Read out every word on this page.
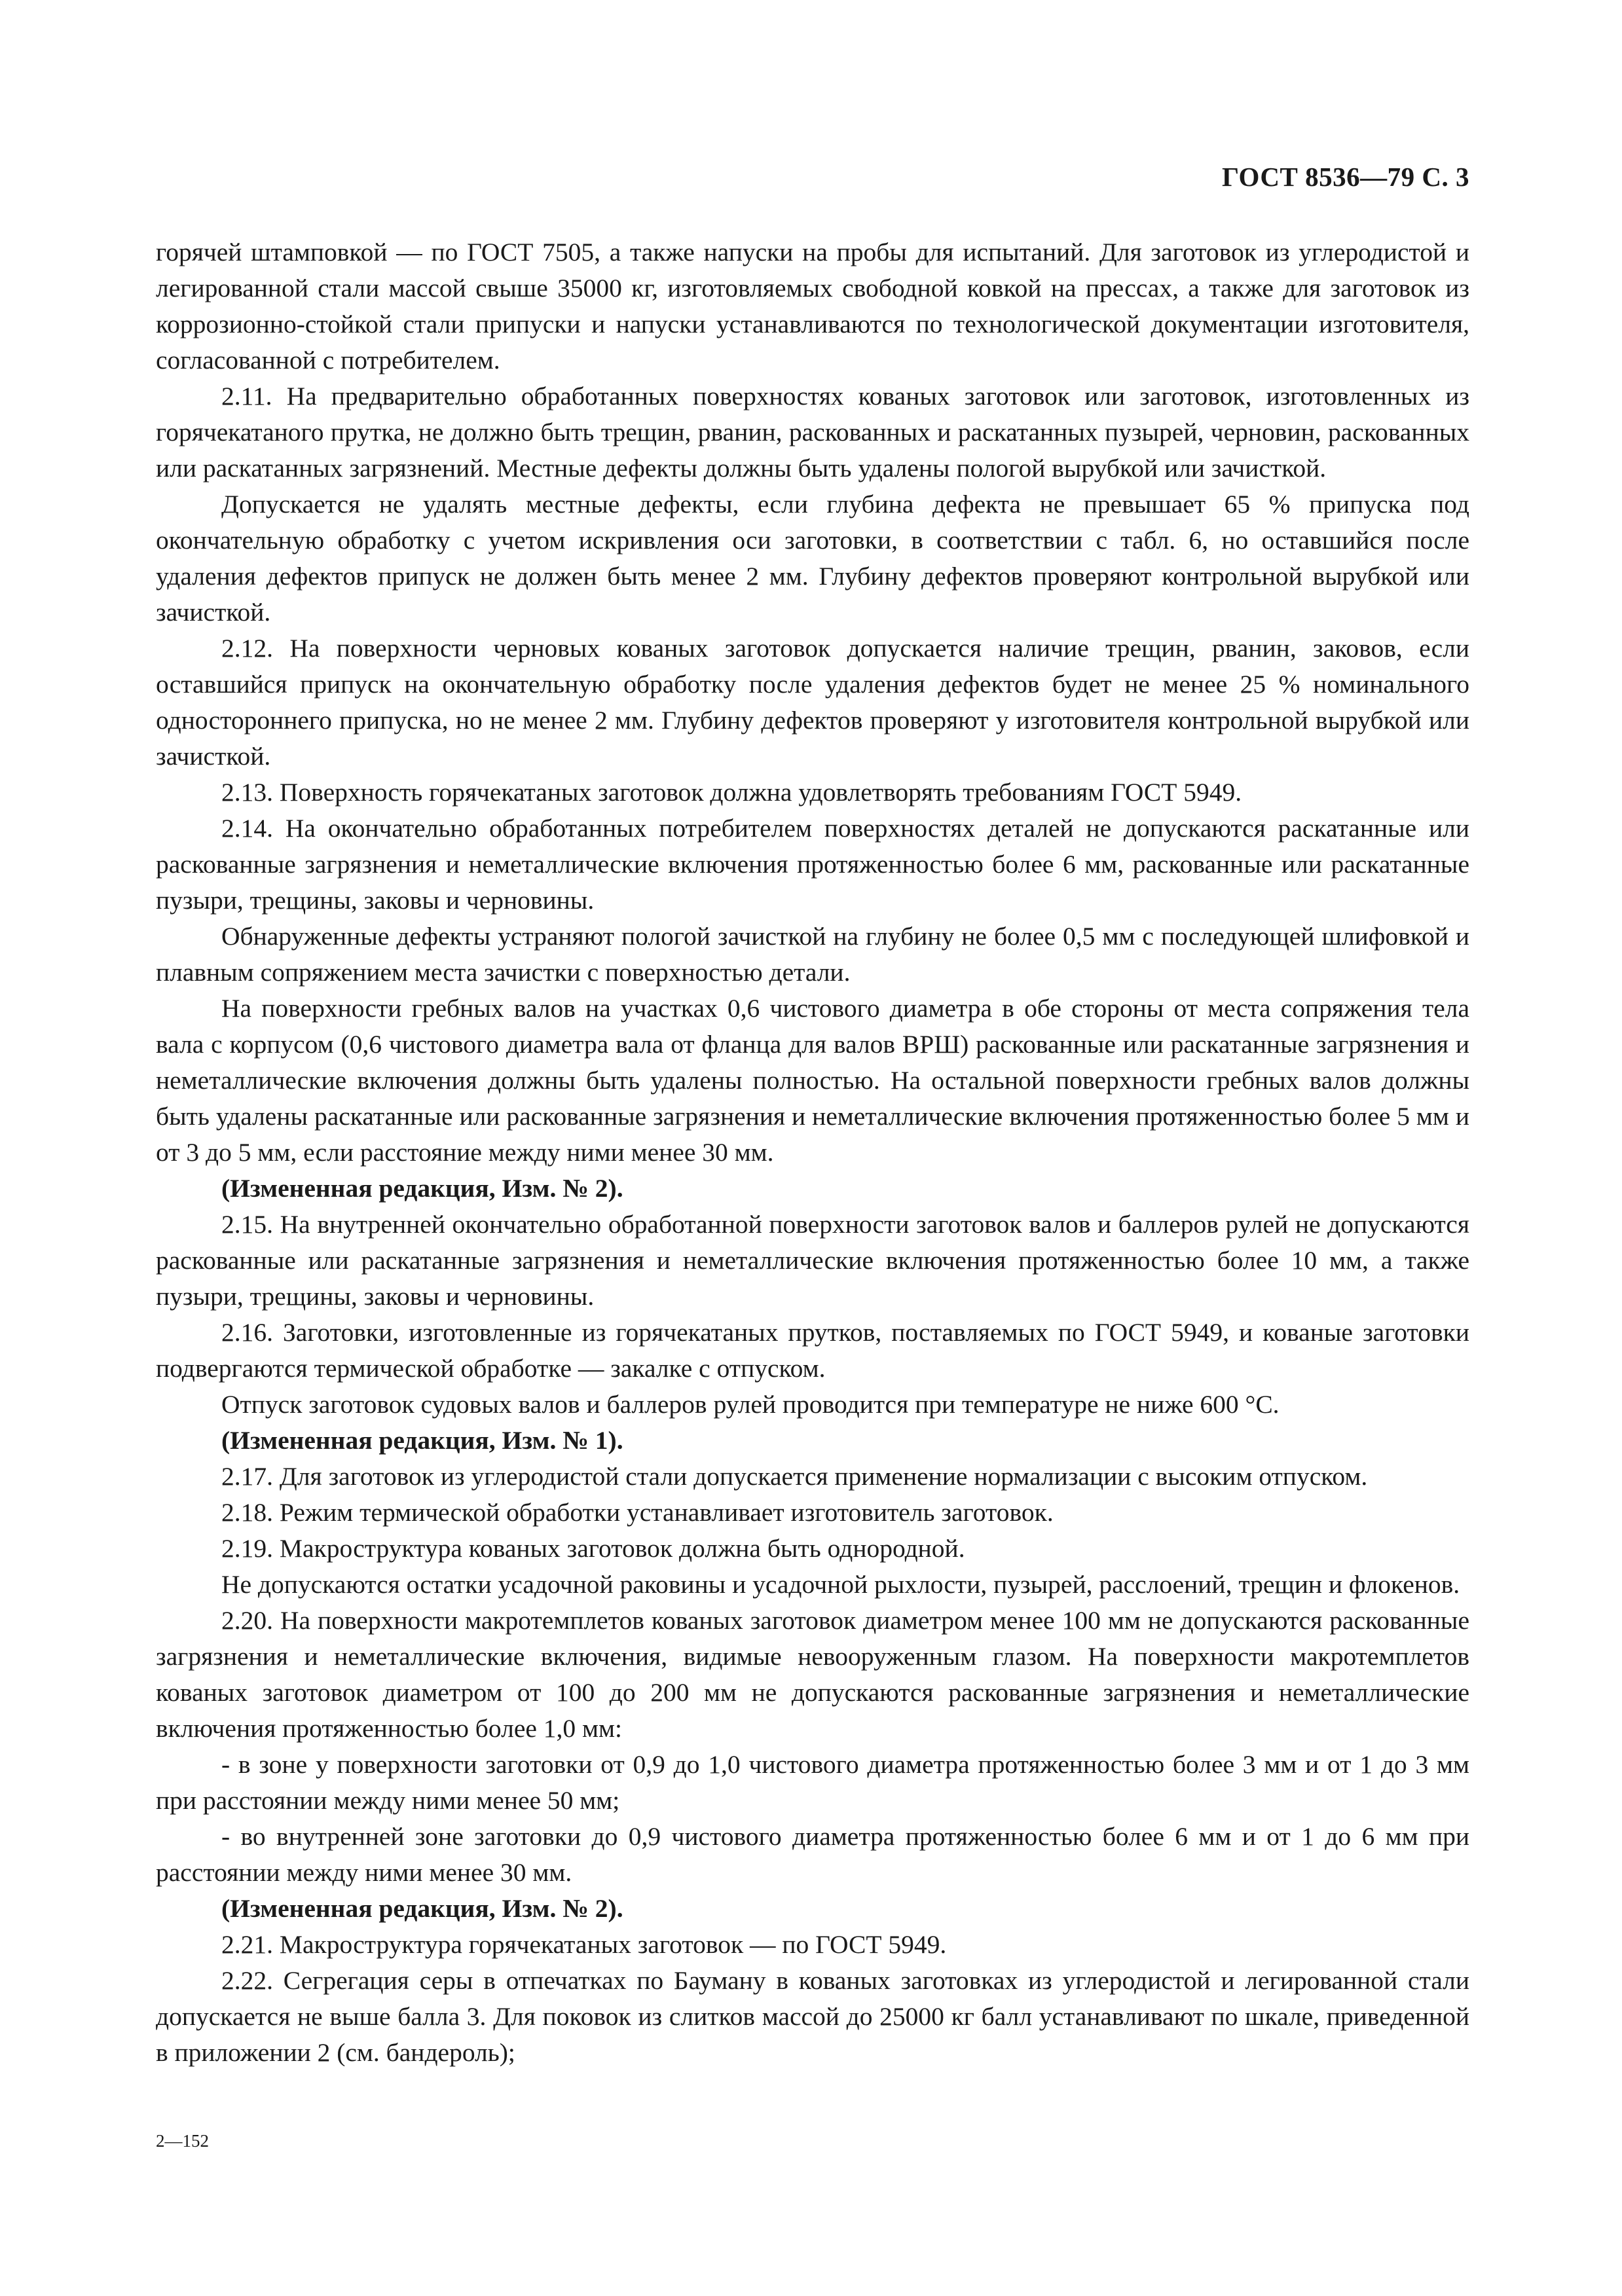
ГОСТ 8536—79 С. 3

горячей штамповкой — по ГОСТ 7505, а также напуски на пробы для испытаний. Для заготовок из углеродистой и легированной стали массой свыше 35000 кг, изготовляемых свободной ковкой на прессах, а также для заготовок из коррозионно-стойкой стали припуски и напуски устанавливаются по технологической документации изготовителя, согласованной с потребителем.

2.11. На предварительно обработанных поверхностях кованых заготовок или заготовок, изготовленных из горячекатаного прутка, не должно быть трещин, рванин, раскованных и раскатанных пузырей, черновин, раскованных или раскатанных загрязнений. Местные дефекты должны быть удалены пологой вырубкой или зачисткой.

Допускается не удалять местные дефекты, если глубина дефекта не превышает 65 % припуска под окончательную обработку с учетом искривления оси заготовки, в соответствии с табл. 6, но оставшийся после удаления дефектов припуск не должен быть менее 2 мм. Глубину дефектов проверяют контрольной вырубкой или зачисткой.

2.12. На поверхности черновых кованых заготовок допускается наличие трещин, рванин, заковов, если оставшийся припуск на окончательную обработку после удаления дефектов будет не менее 25 % номинального одностороннего припуска, но не менее 2 мм. Глубину дефектов проверяют у изготовителя контрольной вырубкой или зачисткой.

2.13. Поверхность горячекатаных заготовок должна удовлетворять требованиям ГОСТ 5949.

2.14. На окончательно обработанных потребителем поверхностях деталей не допускаются раскатанные или раскованные загрязнения и неметаллические включения протяженностью более 6 мм, раскованные или раскатанные пузыри, трещины, заковы и черновины.

Обнаруженные дефекты устраняют пологой зачисткой на глубину не более 0,5 мм с последующей шлифовкой и плавным сопряжением места зачистки с поверхностью детали.

На поверхности гребных валов на участках 0,6 чистового диаметра в обе стороны от места сопряжения тела вала с корпусом (0,6 чистового диаметра вала от фланца для валов ВРШ) раскованные или раскатанные загрязнения и неметаллические включения должны быть удалены полностью. На остальной поверхности гребных валов должны быть удалены раскатанные или раскованные загрязнения и неметаллические включения протяженностью более 5 мм и от 3 до 5 мм, если расстояние между ними менее 30 мм.

(Измененная редакция, Изм. № 2).

2.15. На внутренней окончательно обработанной поверхности заготовок валов и баллеров рулей не допускаются раскованные или раскатанные загрязнения и неметаллические включения протяженностью более 10 мм, а также пузыри, трещины, заковы и черновины.

2.16. Заготовки, изготовленные из горячекатаных прутков, поставляемых по ГОСТ 5949, и кованые заготовки подвергаются термической обработке — закалке с отпуском.

Отпуск заготовок судовых валов и баллеров рулей проводится при температуре не ниже 600 °С.

(Измененная редакция, Изм. № 1).

2.17. Для заготовок из углеродистой стали допускается применение нормализации с высоким отпуском.

2.18. Режим термической обработки устанавливает изготовитель заготовок.

2.19. Макроструктура кованых заготовок должна быть однородной.

Не допускаются остатки усадочной раковины и усадочной рыхлости, пузырей, расслоений, трещин и флокенов.

2.20. На поверхности макротемплетов кованых заготовок диаметром менее 100 мм не допускаются раскованные загрязнения и неметаллические включения, видимые невооруженным глазом. На поверхности макротемплетов кованых заготовок диаметром от 100 до 200 мм не допускаются раскованные загрязнения и неметаллические включения протяженностью более 1,0 мм:

- в зоне у поверхности заготовки от 0,9 до 1,0 чистового диаметра протяженностью более 3 мм и от 1 до 3 мм при расстоянии между ними менее 50 мм;

- во внутренней зоне заготовки до 0,9 чистового диаметра протяженностью более 6 мм и от 1 до 6 мм при расстоянии между ними менее 30 мм.

(Измененная редакция, Изм. № 2).

2.21. Макроструктура горячекатаных заготовок — по ГОСТ 5949.

2.22. Сегрегация серы в отпечатках по Бауману в кованых заготовках из углеродистой и легированной стали допускается не выше балла 3. Для поковок из слитков массой до 25000 кг балл устанавливают по шкале, приведенной в приложении 2 (см. бандероль);

2—152
